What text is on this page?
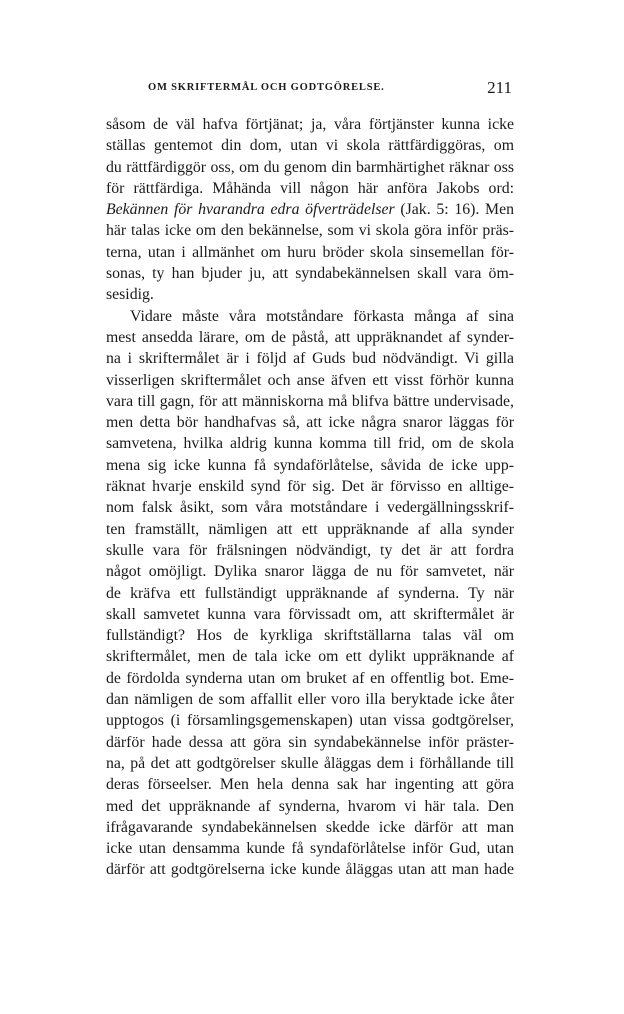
OM SKRIFTERMÅL OCH GODTGÖRELSE.	211
såsom de väl hafva förtjänat; ja, våra förtjänster kunna icke
ställas gentemot din dom, utan vi skola rättfärdiggöras, om
du rättfärdiggör oss, om du genom din barmhärtighet räknar oss
för rättfärdiga. Måhända vill någon här anföra Jakobs ord:
Bekännen för hvarandra edra öfverträdelser (Jak. 5: 16). Men
här talas icke om den bekännelse, som vi skola göra inför präs-
terna, utan i allmänhet om huru bröder skola sinsemellan för-
sonas, ty han bjuder ju, att syndabekännelsen skall vara öm-
sesidig.
Vidare måste våra motståndare förkasta många af sina
mest ansedda lärare, om de påstå, att uppräknandet af synder-
na i skriftermålet är i följd af Guds bud nödvändigt. Vi gilla
visserligen skriftermålet och anse äfven ett visst förhör kunna
vara till gagn, för att människorna må blifva bättre undervisade,
men detta bör handhafvas så, att icke några snaror läggas för
samvetena, hvilka aldrig kunna komma till frid, om de skola
mena sig icke kunna få syndaförlåtelse, såvida de icke upp-
räknat hvarje enskild synd för sig. Det är förvisso en alltige-
nom falsk åsikt, som våra motståndare i vedergällningsskrif-
ten framställt, nämligen att ett uppräknande af alla synder
skulle vara för frälsningen nödvändigt, ty det är att fordra
något omöjligt. Dylika snaror lägga de nu för samvetet, när
de kräfva ett fullständigt uppräknande af synderna. Ty när
skall samvetet kunna vara förvissadt om, att skriftermålet är
fullständigt? Hos de kyrkliga skriftställarna talas väl om
skriftermålet, men de tala icke om ett dylikt uppräknande af
de fördolda synderna utan om bruket af en offentlig bot. Eme-
dan nämligen de som affallit eller voro illa beryktade icke åter
upptogos (i församlingsgemenskapen) utan vissa godtgörelser,
därför hade dessa att göra sin syndabekännelse inför präster-
na, på det att godtgörelser skulle åläggas dem i förhållande till
deras förseelser. Men hela denna sak har ingenting att göra
med det uppräknande af synderna, hvarom vi här tala. Den
ifrågavarande syndabekännelsen skedde icke därför att man
icke utan densamma kunde få syndaförlåtelse inför Gud, utan
därför att godtgörelserna icke kunde åläggas utan att man hade
